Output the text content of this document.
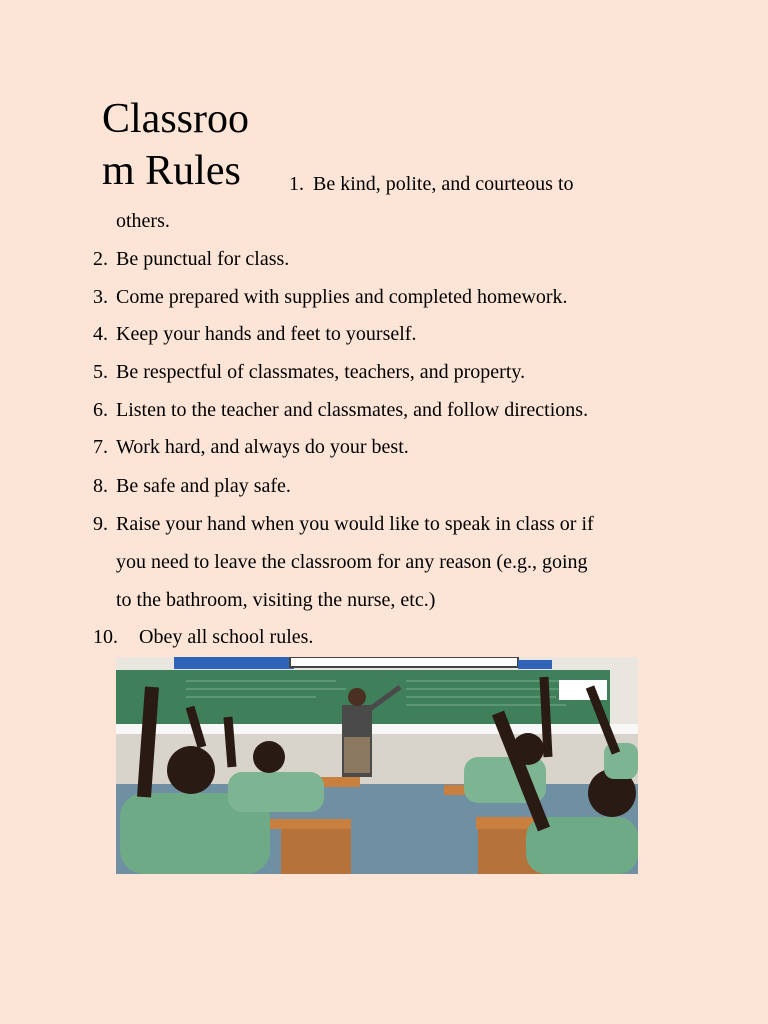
Classroo
m Rules	1. Be kind, polite, and courteous to
others.
2. Be punctual for class.
3. Come prepared with supplies and completed homework.
4. Keep your hands and feet to yourself.
5. Be respectful of classmates, teachers, and property.
6. Listen to the teacher and classmates, and follow directions.
7. Work hard, and always do your best.
8. Be safe and play safe.
9. Raise your hand when you would like to speak in class or if
you need to leave the classroom for any reason (e.g., going
to the bathroom, visiting the nurse, etc.)
10. Obey all school rules.
